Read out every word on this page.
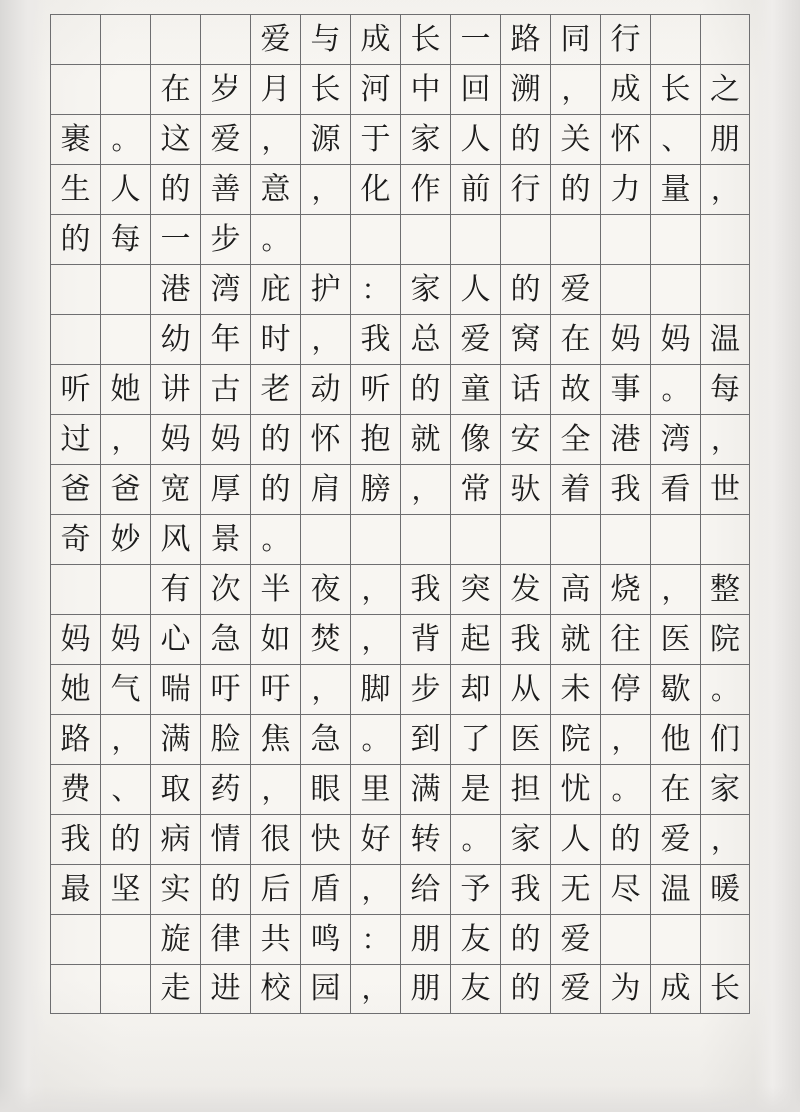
爱 与 成 长 一 路 同 行
在 岁 月 长 河 中 回 溯 ， 成 长 之
裹 。 这 爱 ， 源 于 家 人 的 关 怀 、 朋
生 人 的 善 意 ， 化 作 前 行 的 力 量 ，
的 每 一 步 。
港 湾 庇 护 ： 家 人 的 爱
幼 年 时 ， 我 总 爱 窝 在 妈 妈 温
听 她 讲 古 老 动 听 的 童 话 故 事 。 每
过 ， 妈 妈 的 怀 抱 就 像 安 全 港 湾 ，
爸 爸 宽 厚 的 肩 膀 ， 常 驮 着 我 看 世
奇 妙 风 景 。
有 次 半 夜 ， 我 突 发 高 烧 ， 整
妈 妈 心 急 如 焚 ， 背 起 我 就 往 医 院
她 气 喘 吁 吁 ， 脚 步 却 从 未 停 歇 。
路 ， 满 脸 焦 急 。 到 了 医 院 ， 他 们
费 、 取 药 ， 眼 里 满 是 担 忧 。 在 家
我 的 病 情 很 快 好 转 。 家 人 的 爱 ，
最 坚 实 的 后 盾 ， 给 予 我 无 尽 温 暖
旋 律 共 鸣 ： 朋 友 的 爱
走 进 校 园 ， 朋 友 的 爱 为 成 长
